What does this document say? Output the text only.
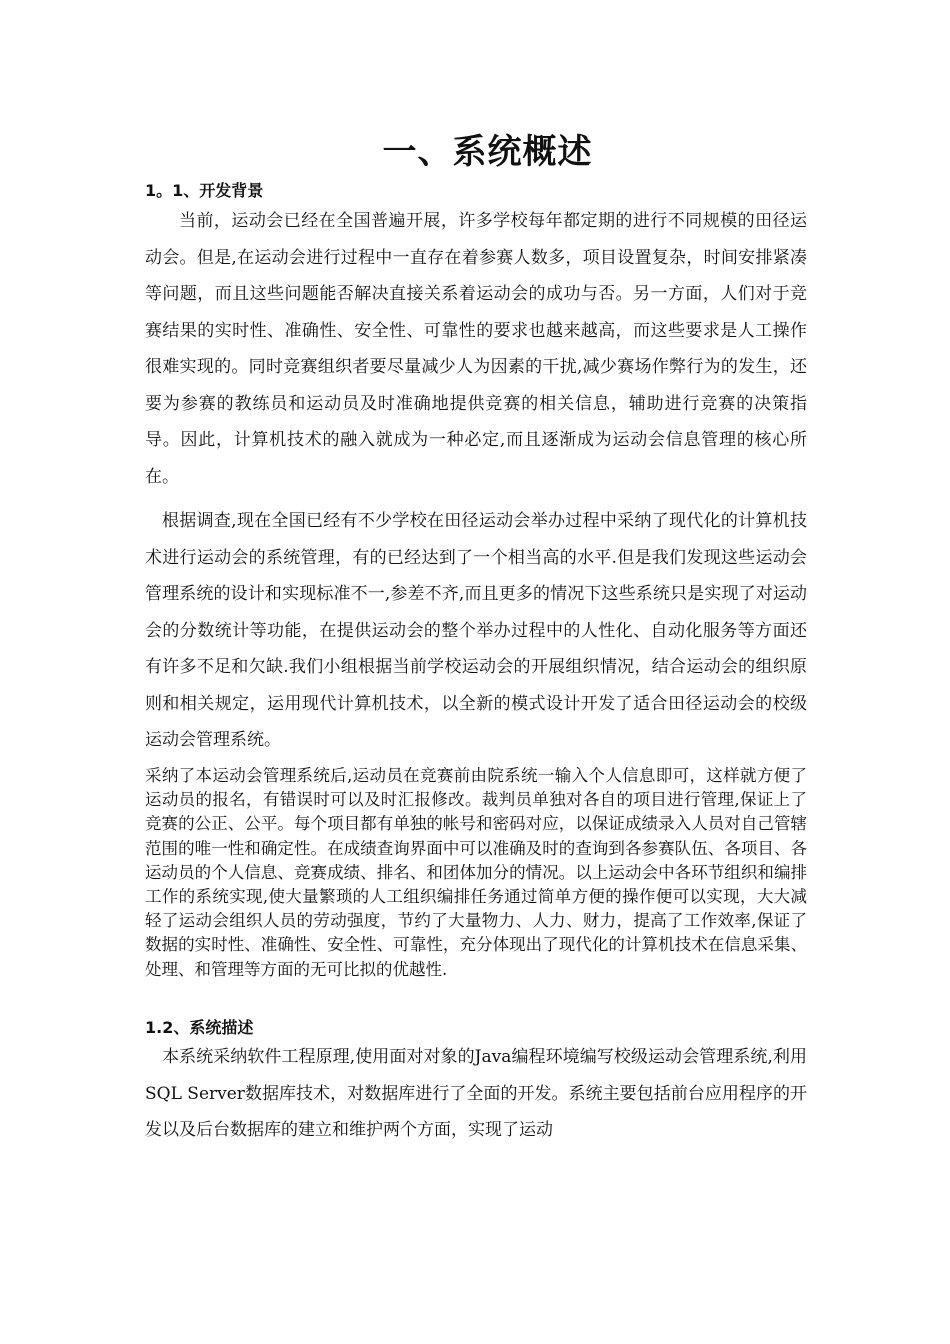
一、系统概述
1。1、开发背景

当前，运动会已经在全国普遍开展，许多学校每年都定期的进行不同规模的田径运动会。但是,在运动会进行过程中一直存在着参赛人数多，项目设置复杂，时间安排紧凑等问题，而且这些问题能否解决直接关系着运动会的成功与否。另一方面，人们对于竞赛结果的实时性、准确性、安全性、可靠性的要求也越来越高，而这些要求是人工操作很难实现的。同时竞赛组织者要尽量减少人为因素的干扰,减少赛场作弊行为的发生，还要为参赛的教练员和运动员及时准确地提供竞赛的相关信息，辅助进行竞赛的决策指导。因此，计算机技术的融入就成为一种必定,而且逐渐成为运动会信息管理的核心所在。

根据调查,现在全国已经有不少学校在田径运动会举办过程中采纳了现代化的计算机技术进行运动会的系统管理，有的已经达到了一个相当高的水平.但是我们发现这些运动会管理系统的设计和实现标准不一,参差不齐,而且更多的情况下这些系统只是实现了对运动会的分数统计等功能，在提供运动会的整个举办过程中的人性化、自动化服务等方面还有许多不足和欠缺.我们小组根据当前学校运动会的开展组织情况，结合运动会的组织原则和相关规定，运用现代计算机技术，以全新的模式设计开发了适合田径运动会的校级运动会管理系统。

采纳了本运动会管理系统后,运动员在竞赛前由院系统一输入个人信息即可，这样就方便了运动员的报名，有错误时可以及时汇报修改。裁判员单独对各自的项目进行管理,保证上了竞赛的公正、公平。每个项目都有单独的帐号和密码对应，以保证成绩录入人员对自己管辖范围的唯一性和确定性。在成绩查询界面中可以准确及时的查询到各参赛队伍、各项目、各运动员的个人信息、竞赛成绩、排名、和团体加分的情况。以上运动会中各环节组织和编排工作的系统实现,使大量繁琐的人工组织编排任务通过简单方便的操作便可以实现，大大减轻了运动会组织人员的劳动强度，节约了大量物力、人力、财力，提高了工作效率,保证了数据的实时性、准确性、安全性、可靠性，充分体现出了现代化的计算机技术在信息采集、处理、和管理等方面的无可比拟的优越性.

1.2、系统描述

本系统采纳软件工程原理,使用面对对象的Java编程环境编写校级运动会管理系统,利用SQL Server数据库技术，对数据库进行了全面的开发。系统主要包括前台应用程序的开发以及后台数据库的建立和维护两个方面，实现了运动
